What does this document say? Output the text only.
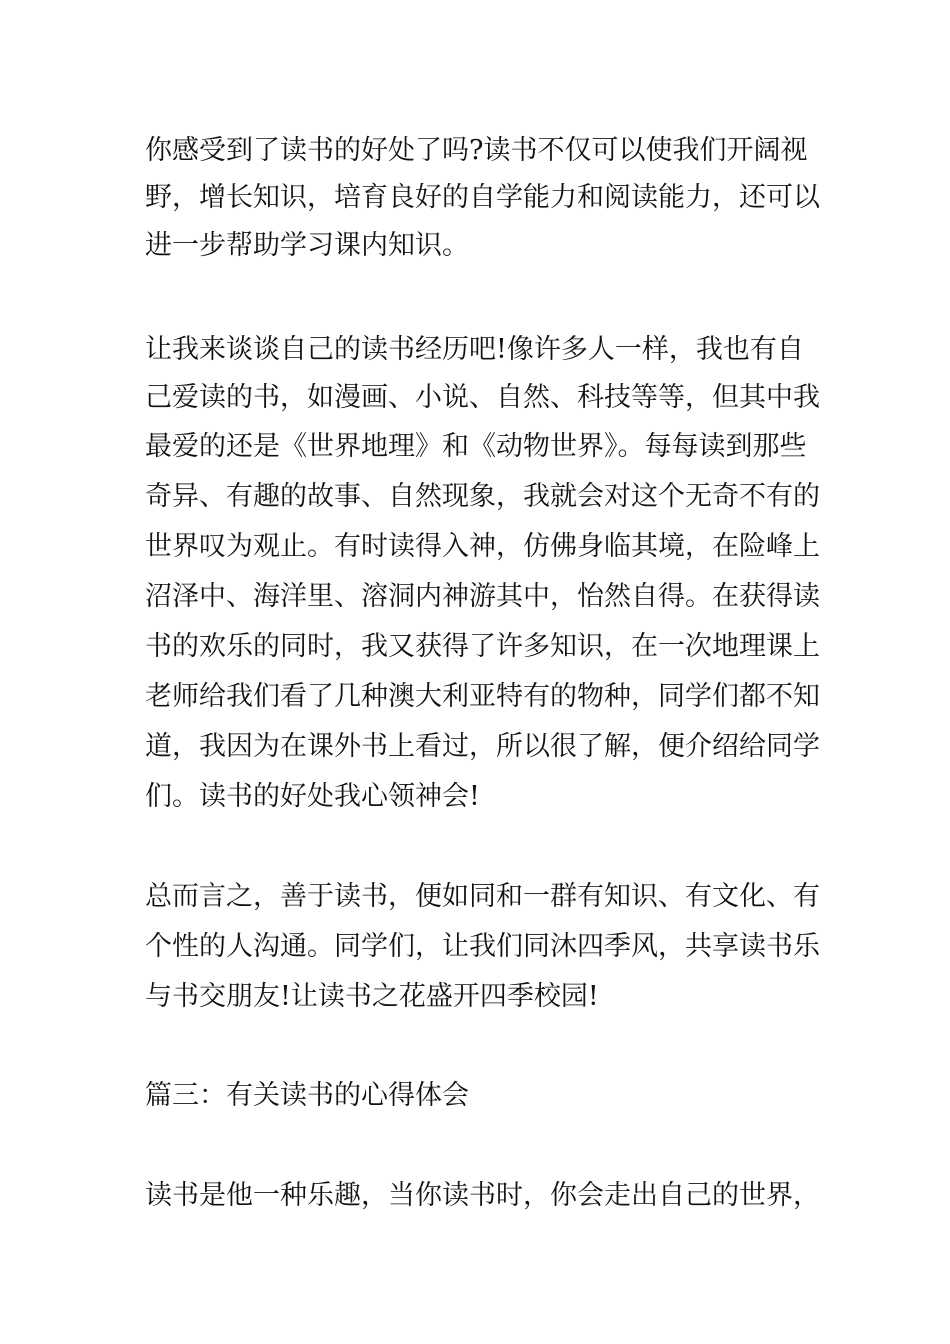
你感受到了读书的好处了吗?读书不仅可以使我们开阔视

野，增长知识，培育良好的自学能力和阅读能力，还可以

进一步帮助学习课内知识。

让我来谈谈自己的读书经历吧!像许多人一样，我也有自

己爱读的书，如漫画、小说、自然、科技等等，但其中我

最爱的还是《世界地理》和《动物世界》。每每读到那些

奇异、有趣的故事、自然现象，我就会对这个无奇不有的

世界叹为观止。有时读得入神，仿佛身临其境，在险峰上

沼泽中、海洋里、溶洞内神游其中，怡然自得。在获得读

书的欢乐的同时，我又获得了许多知识，在一次地理课上

老师给我们看了几种澳大利亚特有的物种，同学们都不知

道，我因为在课外书上看过，所以很了解，便介绍给同学

们。读书的好处我心领神会!

总而言之，善于读书，便如同和一群有知识、有文化、有

个性的人沟通。同学们，让我们同沐四季风，共享读书乐

与书交朋友!让读书之花盛开四季校园!

篇三：有关读书的心得体会

读书是他一种乐趣，当你读书时，你会走出自己的世界，
